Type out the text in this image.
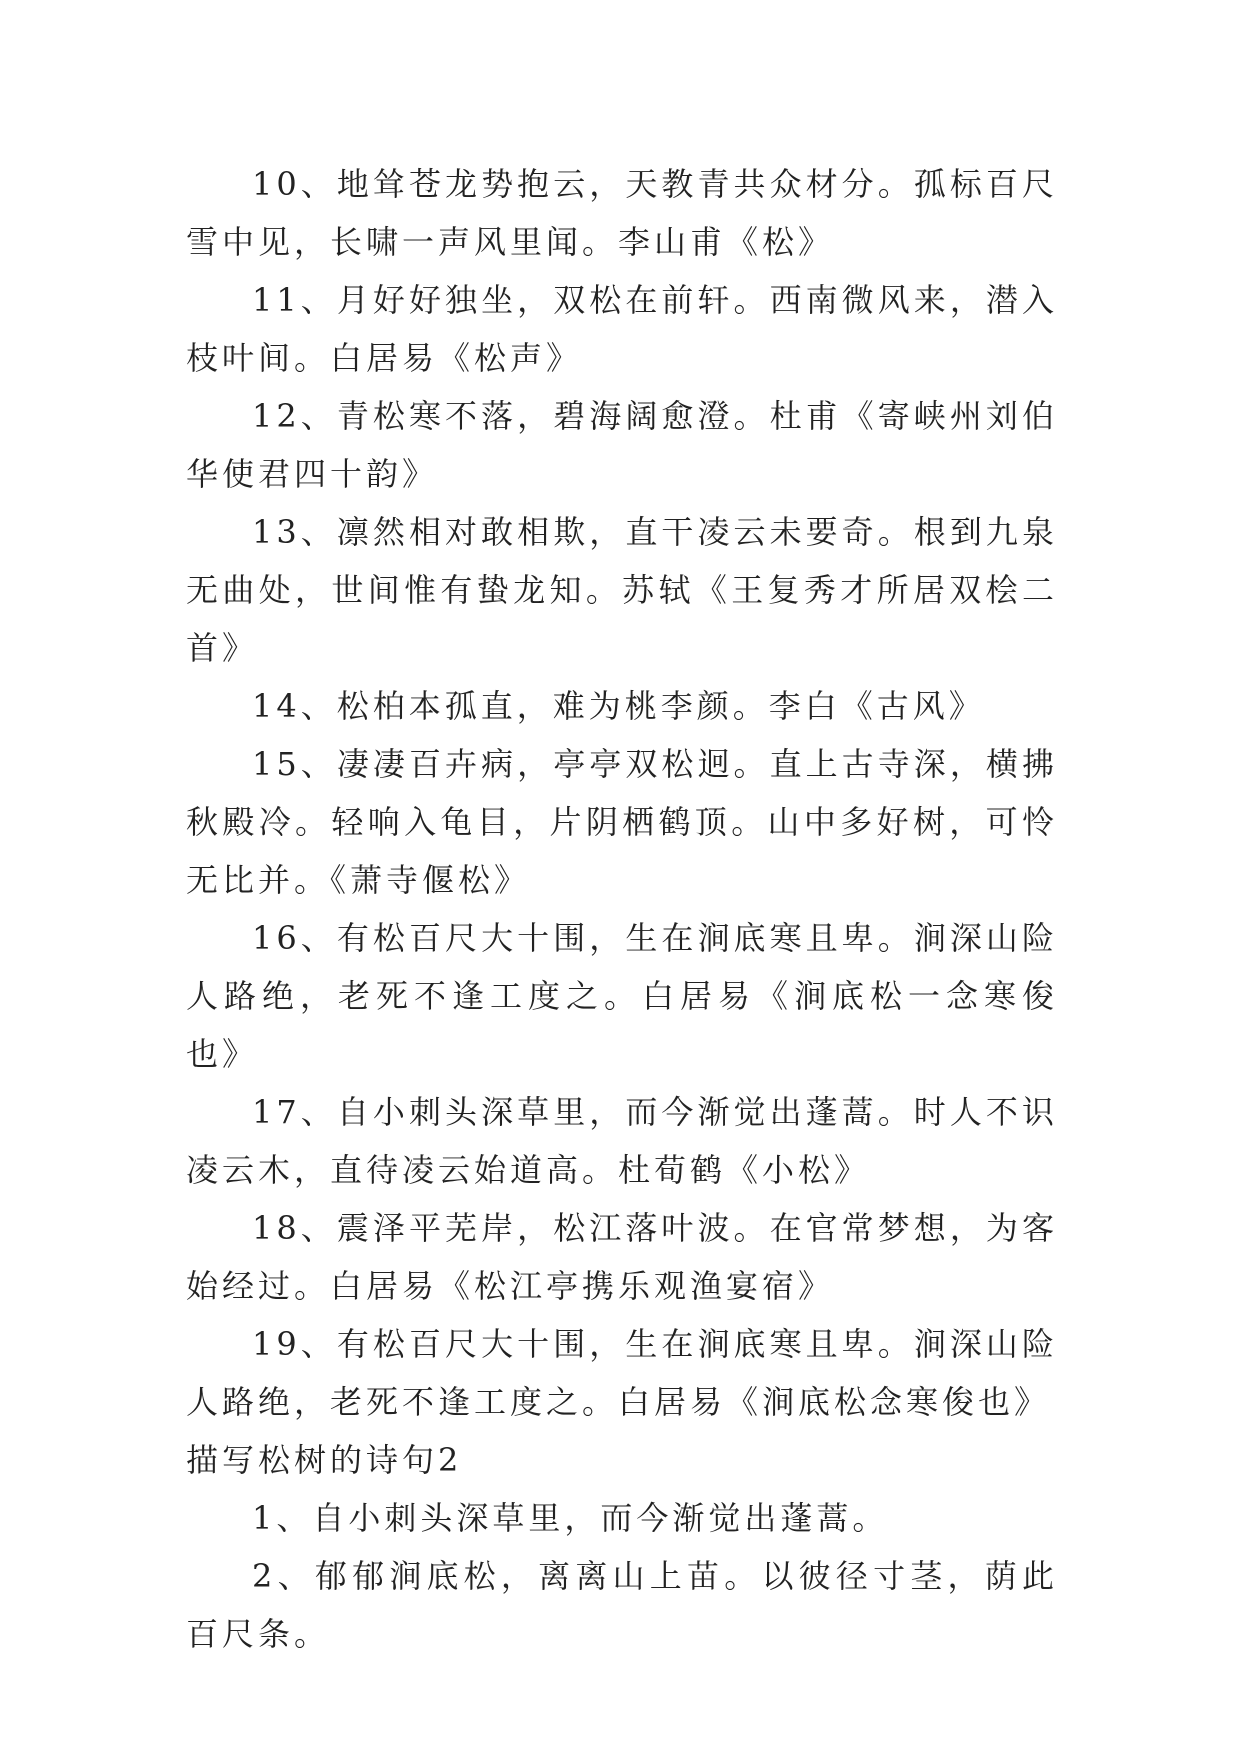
10、地耸苍龙势抱云，天教青共众材分。孤标百尺雪中见，长啸一声风里闻。李山甫《松》

11、月好好独坐，双松在前轩。西南微风来，潜入枝叶间。白居易《松声》

12、青松寒不落，碧海阔愈澄。杜甫《寄峡州刘伯华使君四十韵》

13、凛然相对敢相欺，直干凌云未要奇。根到九泉无曲处，世间惟有蛰龙知。苏轼《王复秀才所居双桧二首》

14、松柏本孤直，难为桃李颜。李白《古风》

15、凄凄百卉病，亭亭双松迥。直上古寺深，横拂秋殿冷。轻响入龟目，片阴栖鹤顶。山中多好树，可怜无比并。《萧寺偃松》

16、有松百尺大十围，生在涧底寒且卑。涧深山险人路绝，老死不逢工度之。白居易《涧底松一念寒俊也》

17、自小刺头深草里，而今渐觉出蓬蒿。时人不识凌云木，直待凌云始道高。杜荀鹤《小松》

18、震泽平芜岸，松江落叶波。在官常梦想，为客始经过。白居易《松江亭携乐观渔宴宿》

19、有松百尺大十围，生在涧底寒且卑。涧深山险人路绝，老死不逢工度之。白居易《涧底松念寒俊也》

描写松树的诗句2

1、自小刺头深草里，而今渐觉出蓬蒿。

2、郁郁涧底松，离离山上苗。以彼径寸茎，荫此百尺条。
